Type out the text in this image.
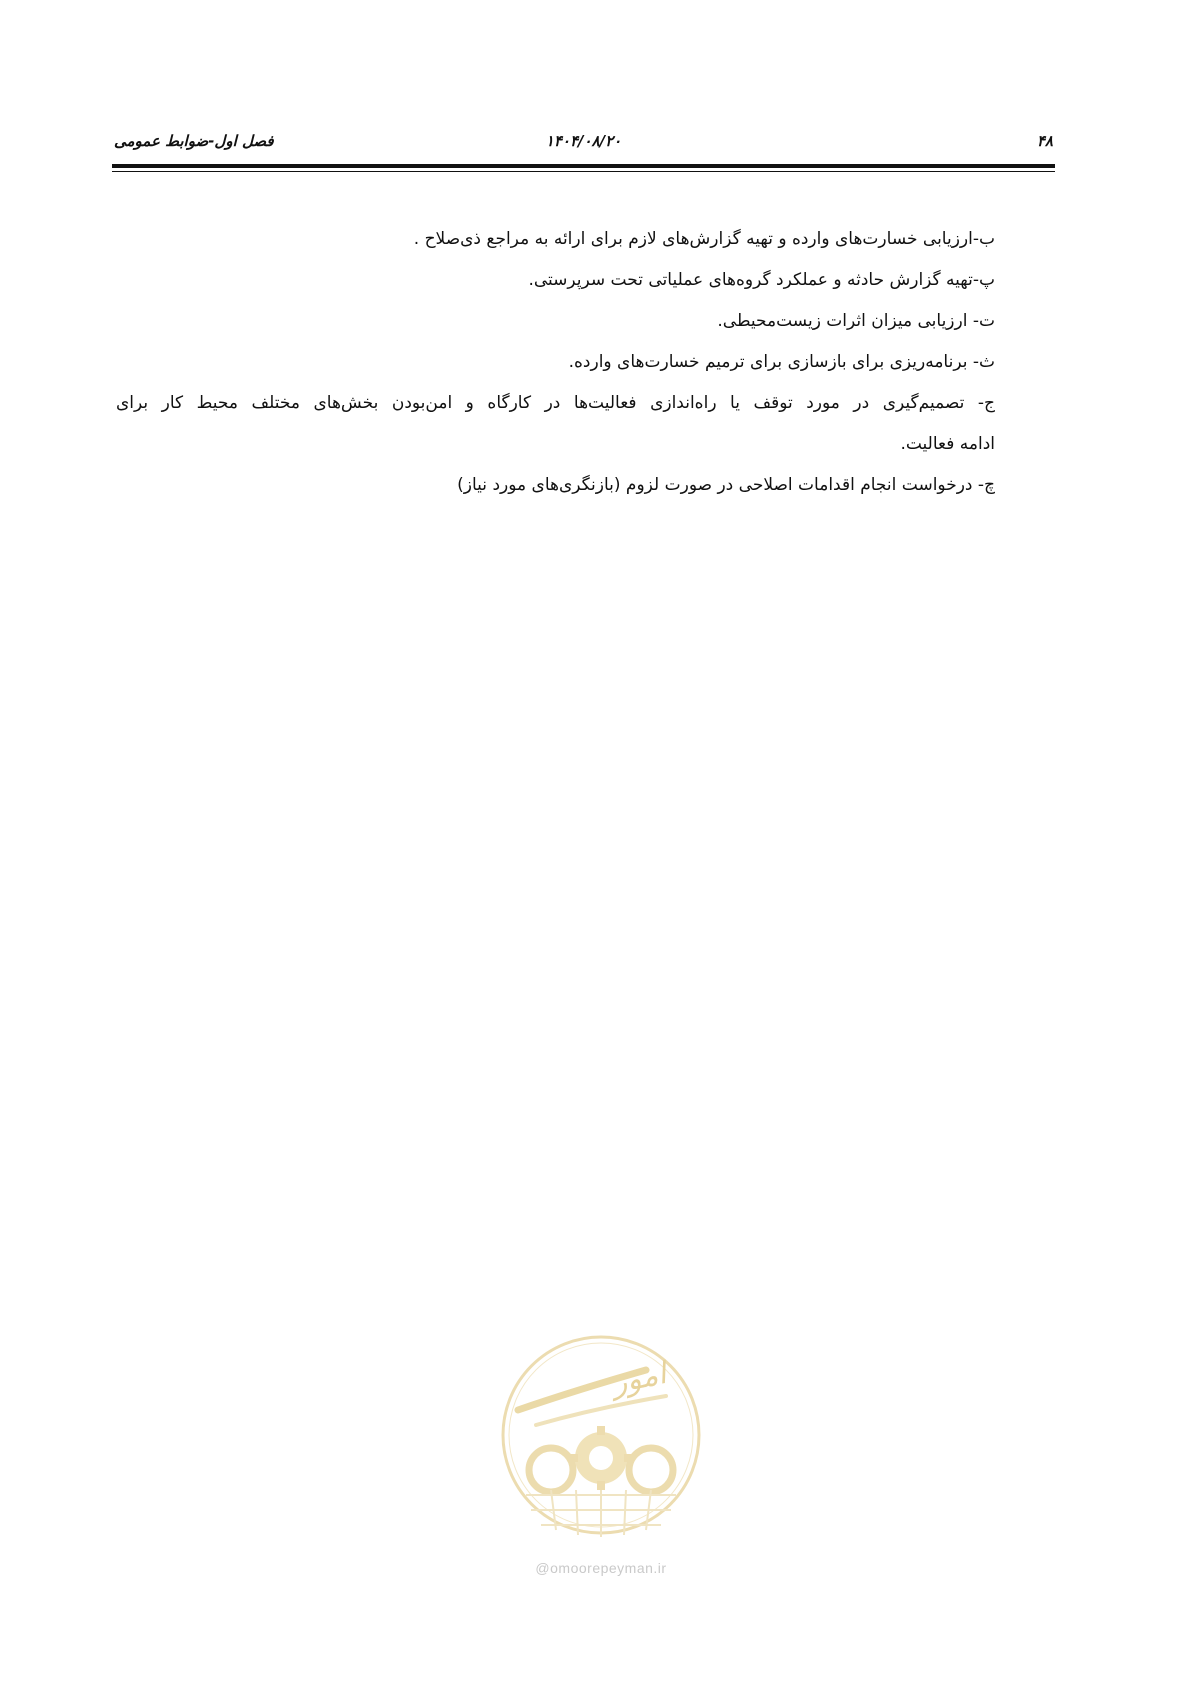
۴۸
۱۴۰۴/۰۸/۲۰
فصل اول-ضوابط عمومی

ب-ارزیابی خسارت‌های وارده و تهیه گزارش‌های لازم برای ارائه به مراجع ذی‌صلاح .

پ-تهیه گزارش حادثه و عملکرد گروه‌های عملیاتی تحت سرپرستی.

ت- ارزیابی میزان اثرات زیست‌محیطی.

ث- برنامه‌ریزی برای بازسازی برای ترمیم خسارت‌های وارده.

ج- تصمیم‌گیری در مورد توقف یا راه‌اندازی فعالیت‌ها در کارگاه و امن‌بودن بخش‌های مختلف محیط کار برای

ادامه فعالیت.

چ- درخواست انجام اقدامات اصلاحی در صورت لزوم (بازنگری‌های مورد نیاز)

امور
@omoorepeyman.ir
